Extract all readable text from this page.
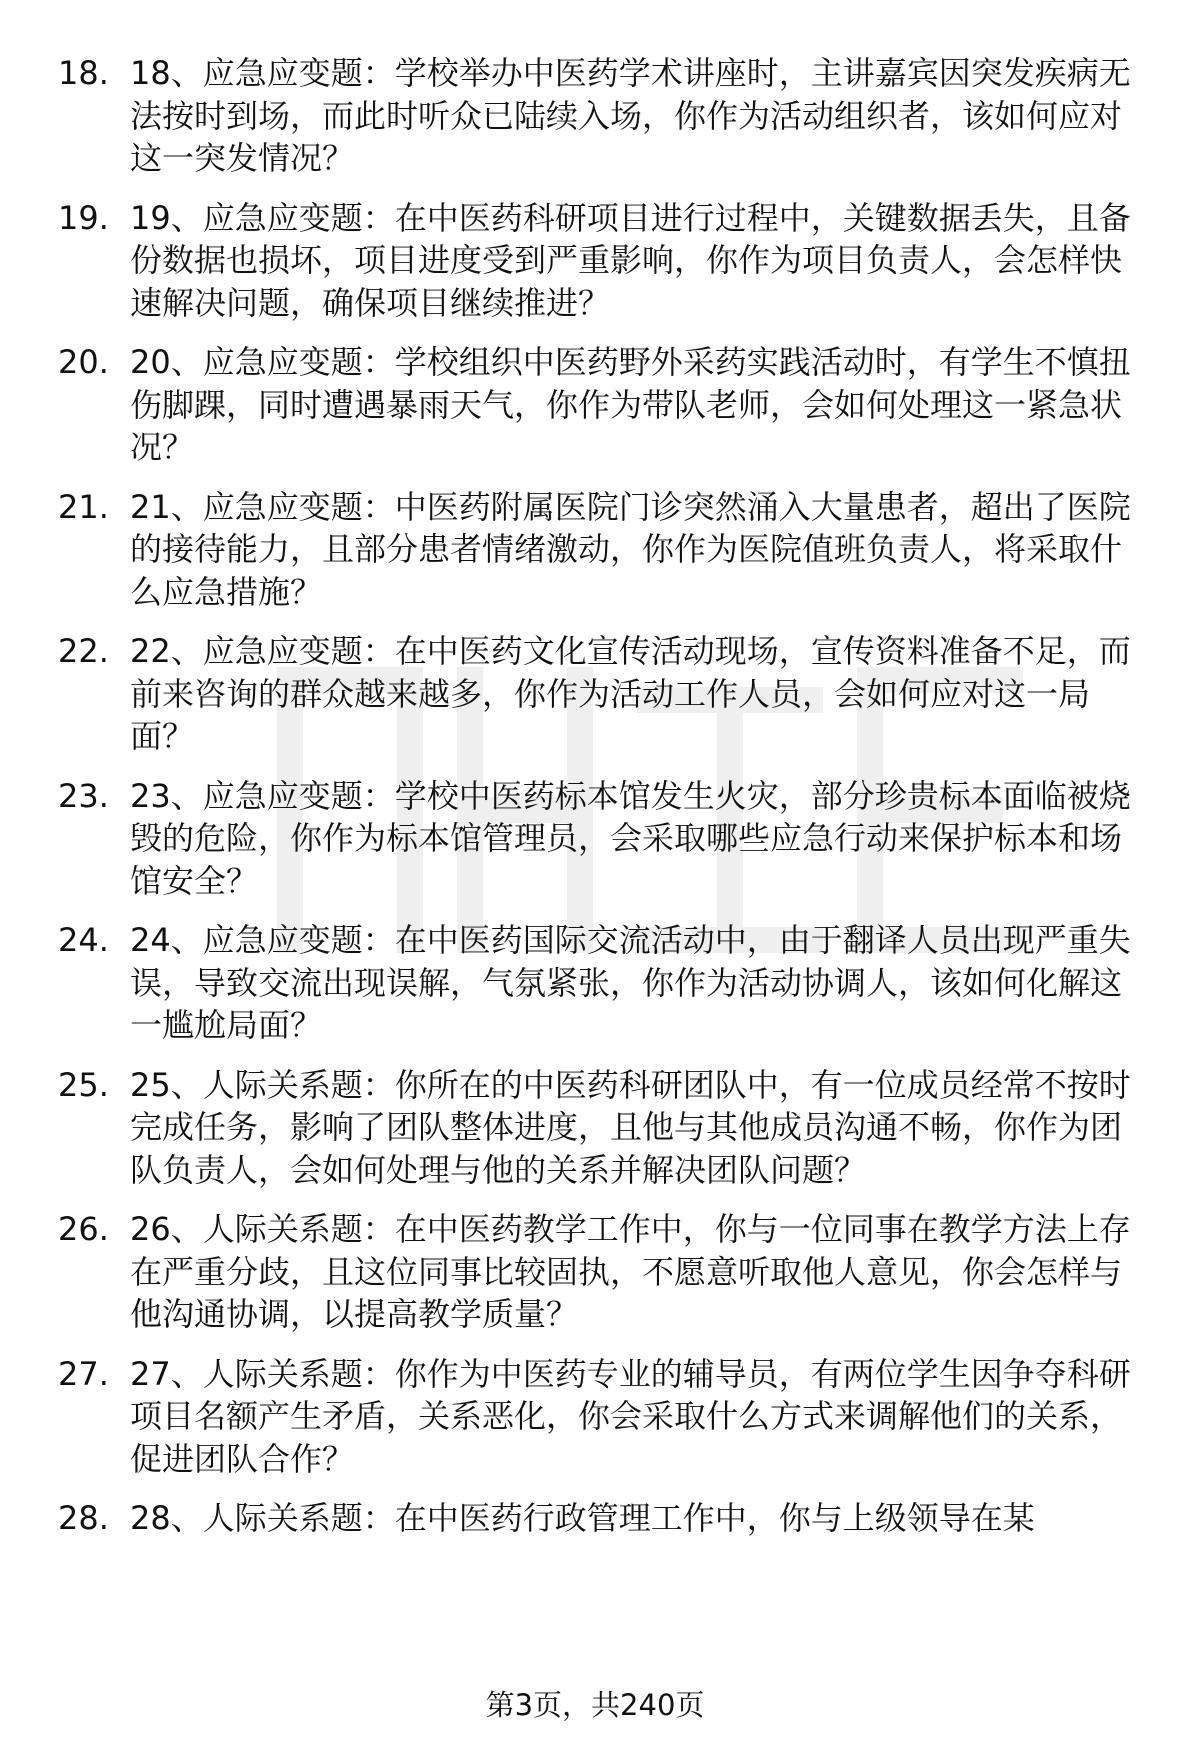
18. 18、应急应变题：学校举办中医药学术讲座时，主讲嘉宾因突发疾病无法按时到场，而此时听众已陆续入场，你作为活动组织者，该如何应对这一突发情况？
19. 19、应急应变题：在中医药科研项目进行过程中，关键数据丢失，且备份数据也损坏，项目进度受到严重影响，你作为项目负责人，会怎样快速解决问题，确保项目继续推进？
20. 20、应急应变题：学校组织中医药野外采药实践活动时，有学生不慎扭伤脚踝，同时遭遇暴雨天气，你作为带队老师，会如何处理这一紧急状况？
21. 21、应急应变题：中医药附属医院门诊突然涌入大量患者，超出了医院的接待能力，且部分患者情绪激动，你作为医院值班负责人，将采取什么应急措施？
22. 22、应急应变题：在中医药文化宣传活动现场，宣传资料准备不足，而前来咨询的群众越来越多，你作为活动工作人员，会如何应对这一局面？
23. 23、应急应变题：学校中医药标本馆发生火灾，部分珍贵标本面临被烧毁的危险，你作为标本馆管理员，会采取哪些应急行动来保护标本和场馆安全？
24. 24、应急应变题：在中医药国际交流活动中，由于翻译人员出现严重失误，导致交流出现误解，气氛紧张，你作为活动协调人，该如何化解这一尴尬局面？
25. 25、人际关系题：你所在的中医药科研团队中，有一位成员经常不按时完成任务，影响了团队整体进度，且他与其他成员沟通不畅，你作为团队负责人，会如何处理与他的关系并解决团队问题？
26. 26、人际关系题：在中医药教学工作中，你与一位同事在教学方法上存在严重分歧，且这位同事比较固执，不愿意听取他人意见，你会怎样与他沟通协调，以提高教学质量？
27. 27、人际关系题：你作为中医药专业的辅导员，有两位学生因争夺科研项目名额产生矛盾，关系恶化，你会采取什么方式来调解他们的关系，促进团队合作？
28. 28、人际关系题：在中医药行政管理工作中，你与上级领导在某
第3页，共240页
